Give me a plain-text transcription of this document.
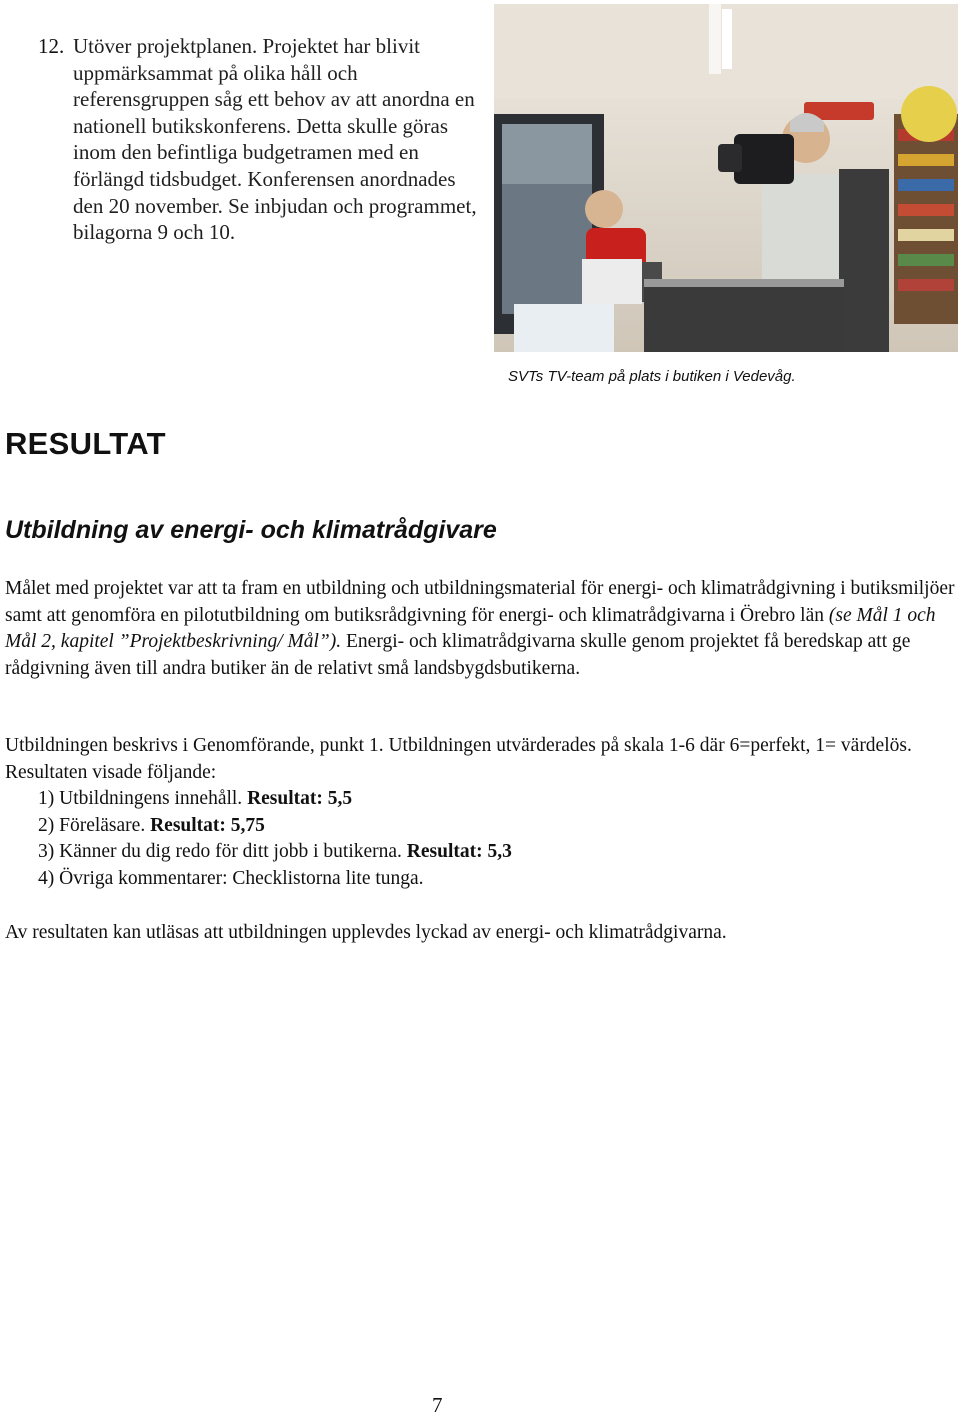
12. Utöver projektplanen. Projektet har blivit uppmärksammat på olika håll och referensgruppen såg ett behov av att anordna en nationell butikskonferens. Detta skulle göras inom den befintliga budgetramen med en förlängd tidsbudget. Konferensen anordnades den 20 november. Se inbjudan och programmet, bilagorna 9 och 10.
SVTs TV-team på plats i butiken i Vedevåg.
RESULTAT
Utbildning av energi- och klimatrådgivare

Målet med projektet var att ta fram en utbildning och utbildningsmaterial för energi- och klimatrådgivning i butiksmiljöer samt att genomföra en pilotutbildning om butiksrådgivning för energi- och klimatrådgivarna i Örebro län (se Mål 1 och Mål 2, kapitel ”Projektbeskrivning/ Mål”). Energi- och klimatrådgivarna skulle genom projektet få beredskap att ge rådgivning även till andra butiker än de relativt små landsbygdsbutikerna.

Utbildningen beskrivs i Genomförande, punkt 1. Utbildningen utvärderades på skala 1-6 där 6=perfekt, 1= värdelös. Resultaten visade följande:

1) Utbildningens innehåll. Resultat: 5,5
2) Föreläsare. Resultat: 5,75
3) Känner du dig redo för ditt jobb i butikerna. Resultat: 5,3
4) Övriga kommentarer: Checklistorna lite tunga.

Av resultaten kan utläsas att utbildningen upplevdes lyckad av energi- och klimatrådgivarna.

7
